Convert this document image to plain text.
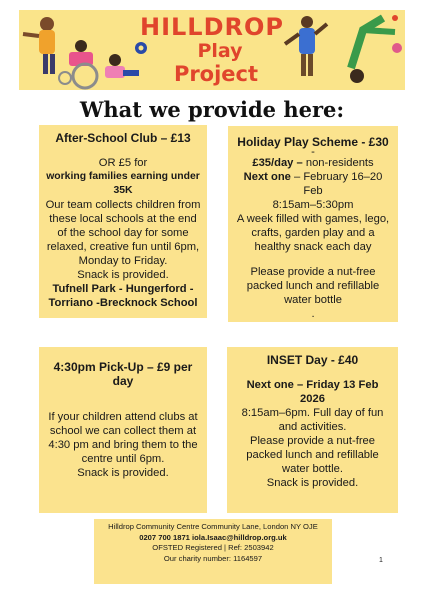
HILLDROP
Play
Project
What we provide here:

After-School Club – £13

OR £5 for

working families earning under 35K

Our team collects children from these local schools at the end of the school day for some relaxed, creative fun until 6pm, Monday to Friday.

Snack is provided.

Tufnell Park - Hungerford - Torriano -Brecknock School

Holiday Play Scheme - £30

-

£35/day – non-residents

Next one – February 16–20 Feb

8:15am–5:30pm

A week filled with games, lego, crafts, garden play and a healthy snack each day

Please provide a nut-free packed lunch and refillable water bottle

.

4:30pm Pick-Up – £9 per day

If your children attend clubs at school we can collect them at 4:30 pm and bring them to the centre until 6pm.

Snack is provided.

INSET Day - £40

Next one – Friday 13 Feb 2026

8:15am–6pm. Full day of fun and activities.

Please provide a nut-free packed lunch and refillable water bottle.

Snack is provided.

Hilldrop Community Centre Community Lane, London NY OJE

0207 700 1871 iola.Isaac@hilldrop.org.uk

OFSTED Registered | Ref: 2503942

Our charity number: 1164597	1
